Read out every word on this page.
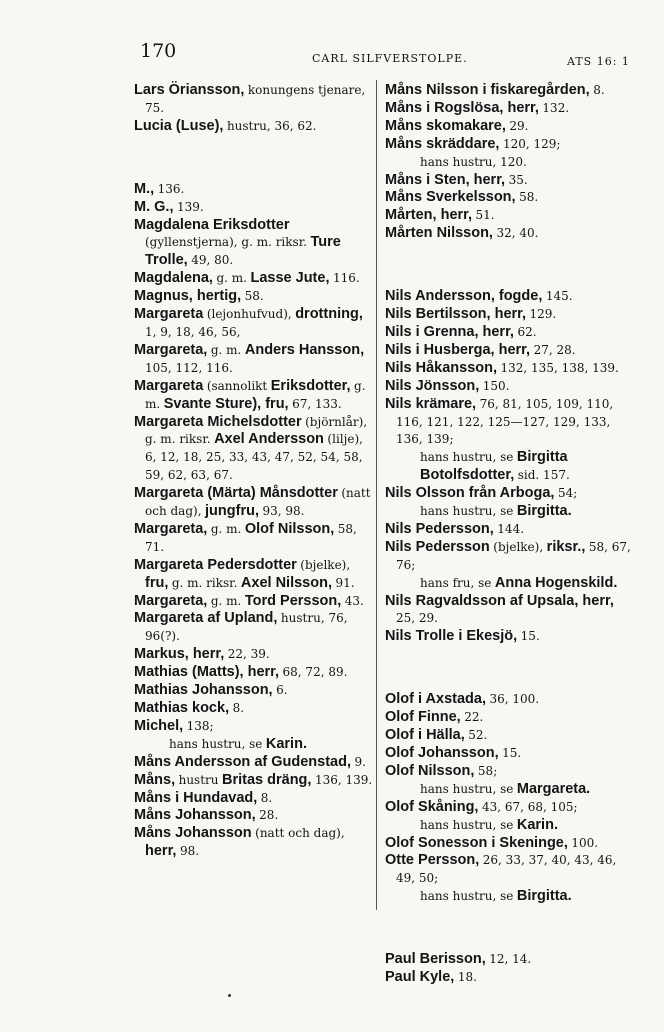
170	CARL SILFVERSTOLPE.	ATS 16: 1

Lars Öriansson, konungens tjenare, 75.

Lucia (Luse), hustru, 36, 62.

M., 136.

M. G., 139.

Magdalena Eriksdotter (gyllenstjerna), g. m. riksr. Ture Trolle, 49, 80.

Magdalena, g. m. Lasse Jute, 116.

Magnus, hertig, 58.

Margareta (lejonhufvud), drottning, 1, 9, 18, 46, 56,

Margareta, g. m. Anders Hansson, 105, 112, 116.

Margareta (sannolikt Eriksdotter, g. m. Svante Sture), fru, 67, 133.

Margareta Michelsdotter (björnlår), g. m. riksr. Axel Andersson (lilje), 6, 12, 18, 25, 33, 43, 47, 52, 54, 58, 59, 62, 63, 67.

Margareta (Märta) Månsdotter (natt och dag), jungfru, 93, 98.

Margareta, g. m. Olof Nilsson, 58, 71.

Margareta Pedersdotter (bjelke), fru, g. m. riksr. Axel Nilsson, 91.

Margareta, g. m. Tord Persson, 43.

Margareta af Upland, hustru, 76, 96(?).

Markus, herr, 22, 39.

Mathias (Matts), herr, 68, 72, 89.

Mathias Johansson, 6.

Mathias kock, 8.

Michel, 138;
hans hustru, se Karin.

Måns Andersson af Gudenstad, 9.

Måns, hustru Britas dräng, 136, 139.

Måns i Hundavad, 8.

Måns Johansson, 28.

Måns Johansson (natt och dag), herr, 98.

Måns Nilsson i fiskaregården, 8.

Måns i Rogslösa, herr, 132.

Måns skomakare, 29.

Måns skräddare, 120, 129;
hans hustru, 120.

Måns i Sten, herr, 35.

Måns Sverkelsson, 58.

Mårten, herr, 51.

Mårten Nilsson, 32, 40.

Nils Andersson, fogde, 145.

Nils Bertilsson, herr, 129.

Nils i Grenna, herr, 62.

Nils i Husberga, herr, 27, 28.

Nils Håkansson, 132, 135, 138, 139.

Nils Jönsson, 150.

Nils krämare, 76, 81, 105, 109, 110, 116, 121, 122, 125—127, 129, 133, 136, 139;
hans hustru, se Birgitta Botolfsdotter, sid. 157.

Nils Olsson från Arboga, 54;
hans hustru, se Birgitta.

Nils Pedersson, 144.

Nils Pedersson (bjelke), riksr., 58, 67, 76;
hans fru, se Anna Hogenskild.

Nils Ragvaldsson af Upsala, herr, 25, 29.

Nils Trolle i Ekesjö, 15.

Olof i Axstada, 36, 100.

Olof Finne, 22.

Olof i Hälla, 52.

Olof Johansson, 15.

Olof Nilsson, 58;
hans hustru, se Margareta.

Olof Skåning, 43, 67, 68, 105;
hans hustru, se Karin.

Olof Sonesson i Skeninge, 100.

Otte Persson, 26, 33, 37, 40, 43, 46, 49, 50;
hans hustru, se Birgitta.

Paul Berisson, 12, 14.

Paul Kyle, 18.
